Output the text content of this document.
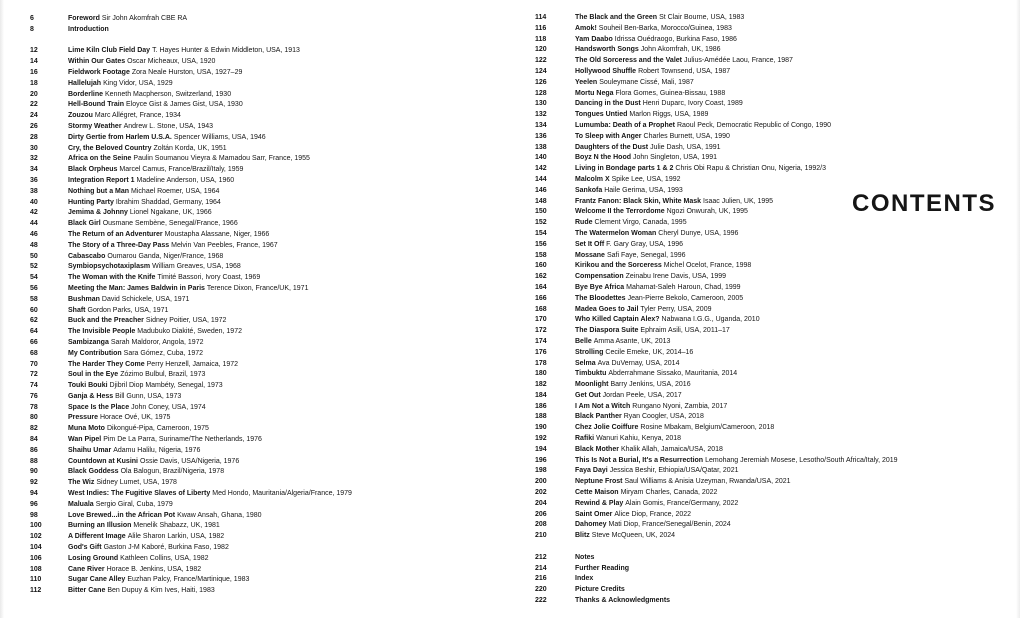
6	Foreword Sir John Akomfrah CBE RA
8	Introduction
12	Lime Kiln Club Field Day T. Hayes Hunter & Edwin Middleton, USA, 1913
14	Within Our Gates Oscar Micheaux, USA, 1920
16	Fieldwork Footage Zora Neale Hurston, USA, 1927–29
18	Hallelujah King Vidor, USA, 1929
20	Borderline Kenneth Macpherson, Switzerland, 1930
22	Hell-Bound Train Eloyce Gist & James Gist, USA, 1930
24	Zouzou Marc Allégret, France, 1934
26	Stormy Weather Andrew L. Stone, USA, 1943
28	Dirty Gertie from Harlem U.S.A. Spencer Williams, USA, 1946
30	Cry, the Beloved Country Zoltán Korda, UK, 1951
32	Africa on the Seine Paulin Soumanou Vieyra & Mamadou Sarr, France, 1955
34	Black Orpheus Marcel Camus, France/Brazil/Italy, 1959
36	Integration Report 1 Madeline Anderson, USA, 1960
38	Nothing but a Man Michael Roemer, USA, 1964
40	Hunting Party Ibrahim Shaddad, Germany, 1964
42	Jemima & Johnny Lionel Ngakane, UK, 1966
44	Black Girl Ousmane Sembène, Senegal/France, 1966
46	The Return of an Adventurer Moustapha Alassane, Niger, 1966
48	The Story of a Three-Day Pass Melvin Van Peebles, France, 1967
50	Cabascabo Oumarou Ganda, Niger/France, 1968
52	Symbiopsychotaxiplasm William Greaves, USA, 1968
54	The Woman with the Knife Timité Bassori, Ivory Coast, 1969
56	Meeting the Man: James Baldwin in Paris Terence Dixon, France/UK, 1971
58	Bushman David Schickele, USA, 1971
60	Shaft Gordon Parks, USA, 1971
62	Buck and the Preacher Sidney Poitier, USA, 1972
64	The Invisible People Madubuko Diakité, Sweden, 1972
66	Sambizanga Sarah Maldoror, Angola, 1972
68	My Contribution Sara Gómez, Cuba, 1972
70	The Harder They Come Perry Henzell, Jamaica, 1972
72	Soul in the Eye Zózimo Bulbul, Brazil, 1973
74	Touki Bouki Djibril Diop Mambéty, Senegal, 1973
76	Ganja & Hess Bill Gunn, USA, 1973
78	Space Is the Place John Coney, USA, 1974
80	Pressure Horace Ové, UK, 1975
82	Muna Moto Dikongué-Pipa, Cameroon, 1975
84	Wan Pipel Pim De La Parra, Suriname/The Netherlands, 1976
86	Shaihu Umar Adamu Halilu, Nigeria, 1976
88	Countdown at Kusini Ossie Davis, USA/Nigeria, 1976
90	Black Goddess Ola Balogun, Brazil/Nigeria, 1978
92	The Wiz Sidney Lumet, USA, 1978
94	West Indies: The Fugitive Slaves of Liberty Med Hondo, Mauritania/Algeria/France, 1979
96	Maluala Sergio Giral, Cuba, 1979
98	Love Brewed...in the African Pot Kwaw Ansah, Ghana, 1980
100	Burning an Illusion Menelik Shabazz, UK, 1981
102	A Different Image Alile Sharon Larkin, USA, 1982
104	God's Gift Gaston J-M Kaboré, Burkina Faso, 1982
106	Losing Ground Kathleen Collins, USA, 1982
108	Cane River Horace B. Jenkins, USA, 1982
110	Sugar Cane Alley Euzhan Palcy, France/Martinique, 1983
112	Bitter Cane Ben Dupuy & Kim Ives, Haiti, 1983
114	The Black and the Green St Clair Bourne, USA, 1983
116	Amok! Souheil Ben-Barka, Morocco/Guinea, 1983
118	Yam Daabo Idrissa Ouédraogo, Burkina Faso, 1986
120	Handsworth Songs John Akomfrah, UK, 1986
122	The Old Sorceress and the Valet Julius-Amédée Laou, France, 1987
124	Hollywood Shuffle Robert Townsend, USA, 1987
126	Yeelen Souleymane Cissé, Mali, 1987
128	Mortu Nega Flora Gomes, Guinea-Bissau, 1988
130	Dancing in the Dust Henri Duparc, Ivory Coast, 1989
132	Tongues Untied Marlon Riggs, USA, 1989
134	Lumumba: Death of a Prophet Raoul Peck, Democratic Republic of Congo, 1990
136	To Sleep with Anger Charles Burnett, USA, 1990
138	Daughters of the Dust Julie Dash, USA, 1991
140	Boyz N the Hood John Singleton, USA, 1991
142	Living in Bondage parts 1 & 2 Chris Obi Rapu & Christian Onu, Nigeria, 1992/3
144	Malcolm X Spike Lee, USA, 1992
146	Sankofa Haile Gerima, USA, 1993
148	Frantz Fanon: Black Skin, White Mask Isaac Julien, UK, 1995
150	Welcome II the Terrordome Ngozi Onwurah, UK, 1995
152	Rude Clement Virgo, Canada, 1995
154	The Watermelon Woman Cheryl Dunye, USA, 1996
156	Set It Off F. Gary Gray, USA, 1996
158	Mossane Safi Faye, Senegal, 1996
160	Kirikou and the Sorceress Michel Ocelot, France, 1998
162	Compensation Zeinabu Irene Davis, USA, 1999
164	Bye Bye Africa Mahamat-Saleh Haroun, Chad, 1999
166	The Bloodettes Jean-Pierre Bekolo, Cameroon, 2005
168	Madea Goes to Jail Tyler Perry, USA, 2009
170	Who Killed Captain Alex? Nabwana I.G.G., Uganda, 2010
172	The Diaspora Suite Ephraim Asili, USA, 2011–17
174	Belle Amma Asante, UK, 2013
176	Strolling Cecile Emeke, UK, 2014–16
178	Selma Ava DuVernay, USA, 2014
180	Timbuktu Abderrahmane Sissako, Mauritania, 2014
182	Moonlight Barry Jenkins, USA, 2016
184	Get Out Jordan Peele, USA, 2017
186	I Am Not a Witch Rungano Nyoni, Zambia, 2017
188	Black Panther Ryan Coogler, USA, 2018
190	Chez Jolie Coiffure Rosine Mbakam, Belgium/Cameroon, 2018
192	Rafiki Wanuri Kahiu, Kenya, 2018
194	Black Mother Khalik Allah, Jamaica/USA, 2018
196	This Is Not a Burial, It's a Resurrection Lemohang Jeremiah Mosese, Lesotho/South Africa/Italy, 2019
198	Faya Dayi Jessica Beshir, Ethiopia/USA/Qatar, 2021
200	Neptune Frost Saul Williams & Anisia Uzeyman, Rwanda/USA, 2021
202	Cette Maison Miryam Charles, Canada, 2022
204	Rewind & Play Alain Gomis, France/Germany, 2022
206	Saint Omer Alice Diop, France, 2022
208	Dahomey Mati Diop, France/Senegal/Benin, 2024
210	Blitz Steve McQueen, UK, 2024
212	Notes
214	Further Reading
216	Index
220	Picture Credits
222	Thanks & Acknowledgments
CONTENTS
